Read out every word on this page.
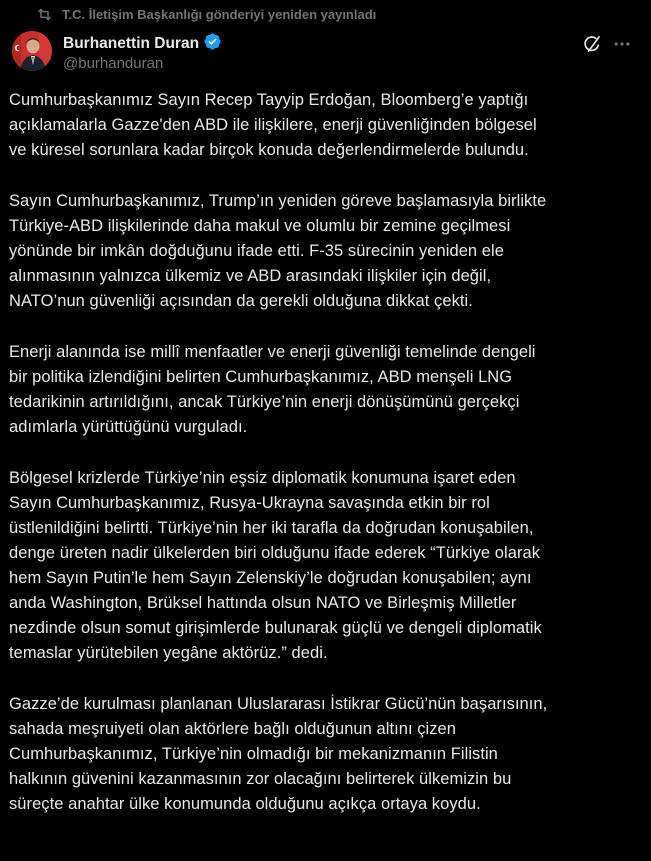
T.C. İletişim Başkanlığı gönderiyi yeniden yayınladı
Burhanettin Duran
@burhanduran

Cumhurbaşkanımız Sayın Recep Tayyip Erdoğan, Bloomberg’e yaptığı
açıklamalarla Gazze'den ABD ile ilişkilere, enerji güvenliğinden bölgesel
ve küresel sorunlara kadar birçok konuda değerlendirmelerde bulundu.

Sayın Cumhurbaşkanımız, Trump’ın yeniden göreve başlamasıyla birlikte
Türkiye-ABD ilişkilerinde daha makul ve olumlu bir zemine geçilmesi
yönünde bir imkân doğduğunu ifade etti. F-35 sürecinin yeniden ele
alınmasının yalnızca ülkemiz ve ABD arasındaki ilişkiler için değil,
NATO’nun güvenliği açısından da gerekli olduğuna dikkat çekti.

Enerji alanında ise millî menfaatler ve enerji güvenliği temelinde dengeli
bir politika izlendiğini belirten Cumhurbaşkanımız, ABD menşeli LNG
tedarikinin artırıldığını, ancak Türkiye’nin enerji dönüşümünü gerçekçi
adımlarla yürüttüğünü vurguladı.

Bölgesel krizlerde Türkiye’nin eşsiz diplomatik konumuna işaret eden
Sayın Cumhurbaşkanımız, Rusya-Ukrayna savaşında etkin bir rol
üstlenildiğini belirtti. Türkiye’nin her iki tarafla da doğrudan konuşabilen,
denge üreten nadir ülkelerden biri olduğunu ifade ederek “Türkiye olarak
hem Sayın Putin’le hem Sayın Zelenskiy’le doğrudan konuşabilen; aynı
anda Washington, Brüksel hattında olsun NATO ve Birleşmiş Milletler
nezdinde olsun somut girişimlerde bulunarak güçlü ve dengeli diplomatik
temaslar yürütebilen yegâne aktörüz.” dedi.

Gazze’de kurulması planlanan Uluslararası İstikrar Gücü’nün başarısının,
sahada meşruiyeti olan aktörlere bağlı olduğunun altını çizen
Cumhurbaşkanımız, Türkiye’nin olmadığı bir mekanizmanın Filistin
halkının güvenini kazanmasının zor olacağını belirterek ülkemizin bu
süreçte anahtar ülke konumunda olduğunu açıkça ortaya koydu.
